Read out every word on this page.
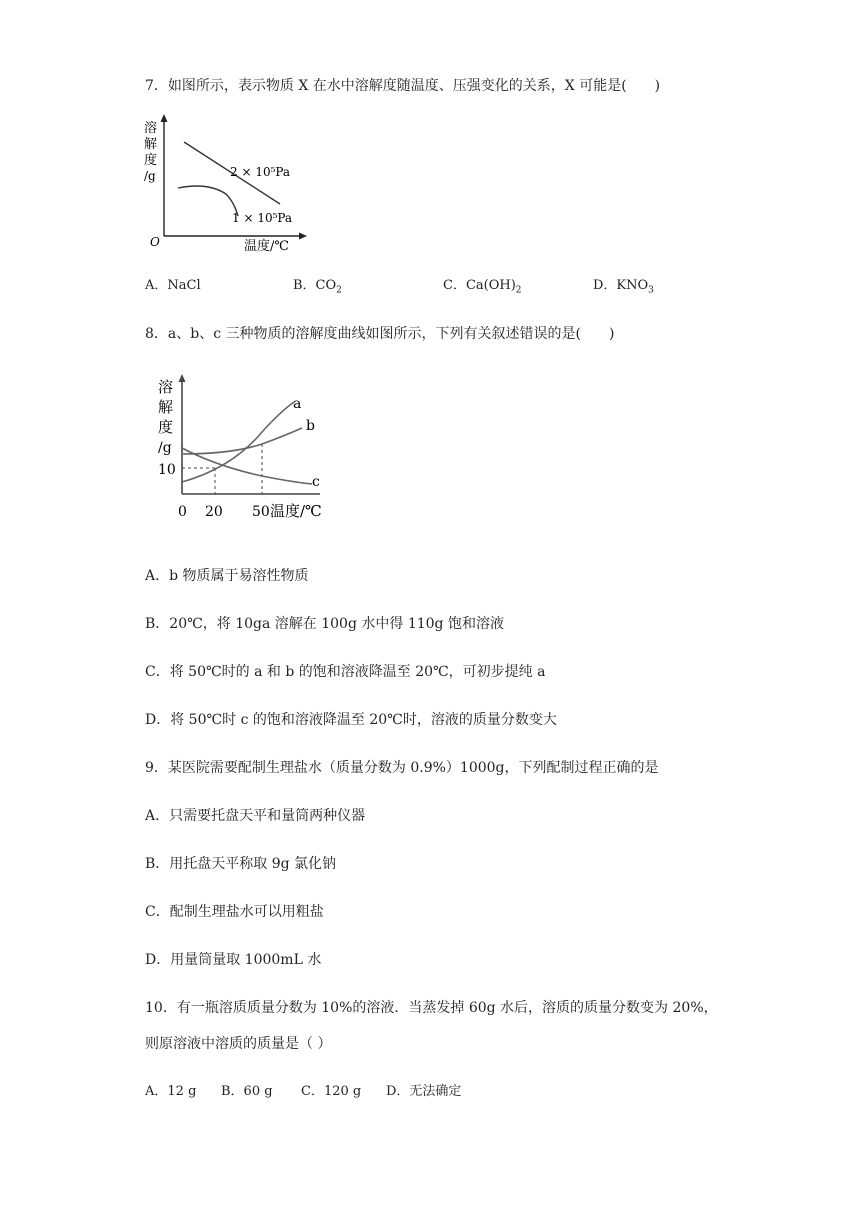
7．如图所示，表示物质 X 在水中溶解度随温度、压强变化的关系，X 可能是(　　)
溶
解
度
/g
O	温度/℃
2 × 10⁵Pa
1 × 10⁵Pa
A．NaCl	B．$CO_2$	C．$Ca(OH)_2$	D．$KNO_3$
8．a、b、c 三种物质的溶解度曲线如图所示，下列有关叙述错误的是(　　)
溶
解
度
/g
a
b
c
10
0 20 50 温度/℃
A．b 物质属于易溶性物质
B．20℃，将 10ga 溶解在 100g 水中得 110g 饱和溶液
C．将 50℃时的 a 和 b 的饱和溶液降温至 20℃，可初步提纯 a
D．将 50℃时 c 的饱和溶液降温至 20℃时，溶液的质量分数变大
9．某医院需要配制生理盐水（质量分数为 0.9%）1000g，下列配制过程正确的是
A．只需要托盘天平和量筒两种仪器
B．用托盘天平称取 9g 氯化钠
C．配制生理盐水可以用粗盐
D．用量筒量取 1000mL 水
10．有一瓶溶质质量分数为 10%的溶液．当蒸发掉 60g 水后，溶质的质量分数变为 20%，
则原溶液中溶质的质量是（ ）
A．12 g B．60 g C．120 g D．无法确定
